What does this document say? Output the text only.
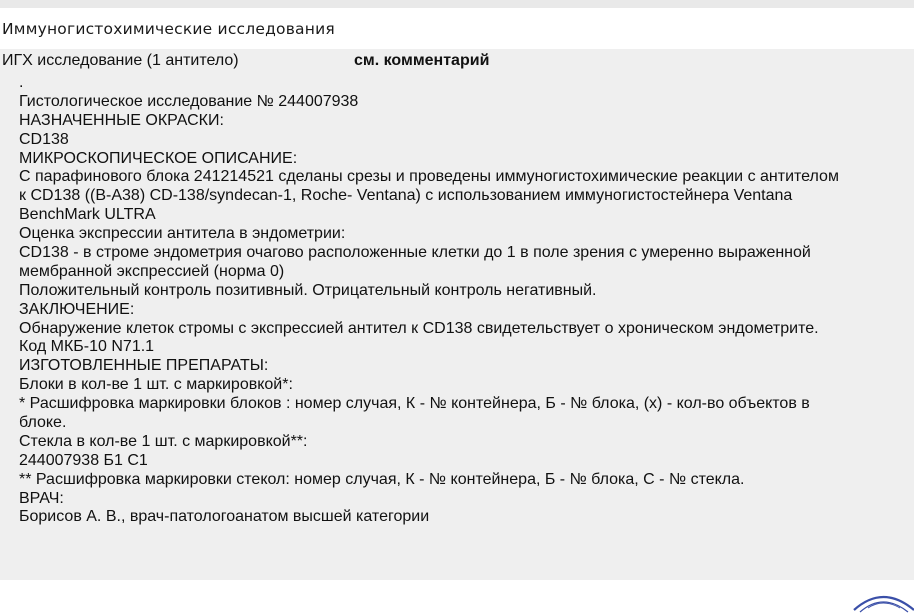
Иммуногистохимические исследования
ИГХ исследование (1 антитело)	см. комментарий
.
Гистологическое исследование № 244007938
НАЗНАЧЕННЫЕ ОКРАСКИ:
CD138
МИКРОСКОПИЧЕСКОЕ ОПИСАНИЕ:
С парафинового блока 241214521 сделаны срезы и проведены иммуногистохимические реакции с антителом
к CD138 ((B-A38) CD-138/syndecan-1, Roche- Ventana) с использованием иммуногистостейнера Ventana
BenchMark ULTRA
Оценка экспрессии антитела в эндометрии:
CD138 - в строме эндометрия очагово расположенные клетки до 1 в поле зрения с умеренно выраженной
мембранной экспрессией (норма 0)
Положительный контроль позитивный. Отрицательный контроль негативный.
ЗАКЛЮЧЕНИЕ:
Обнаружение клеток стромы с экспрессией антител к CD138 свидетельствует о хроническом эндометрите.
Код МКБ-10 N71.1
ИЗГОТОВЛЕННЫЕ ПРЕПАРАТЫ:
Блоки в кол-ве 1 шт. с маркировкой*:
* Расшифровка маркировки блоков : номер случая, К - № контейнера, Б - № блока, (х) - кол-во объектов в
блоке.
Стекла в кол-ве 1 шт. с маркировкой**:
244007938 Б1 С1
** Расшифровка маркировки стекол: номер случая, К - № контейнера, Б - № блока, С - № стекла.
ВРАЧ:
Борисов А. В., врач-патологоанатом высшей категории
